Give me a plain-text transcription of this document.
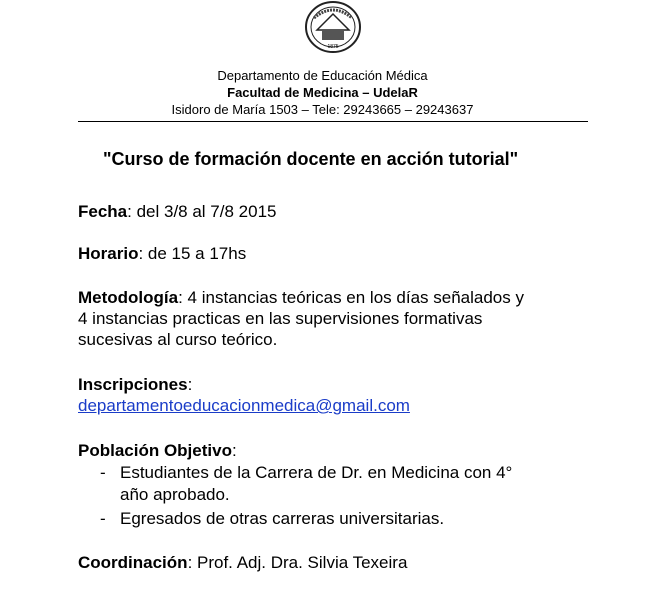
1875
Departamento de Educación Médica
Facultad de Medicina – UdelaR
Isidoro de María 1503 – Tele: 29243665 – 29243637
"Curso de formación docente en acción tutorial"
Fecha: del 3/8 al 7/8 2015
Horario: de 15 a 17hs
Metodología: 4 instancias teóricas en los días señalados y
4 instancias practicas en las supervisiones formativas
sucesivas al curso teórico.
Inscripciones:
departamentoeducacionmedica@gmail.com
Población Objetivo:
- Estudiantes de la Carrera de Dr. en Medicina con 4°
año aprobado.
- Egresados de otras carreras universitarias.
Coordinación: Prof. Adj. Dra. Silvia Texeira
